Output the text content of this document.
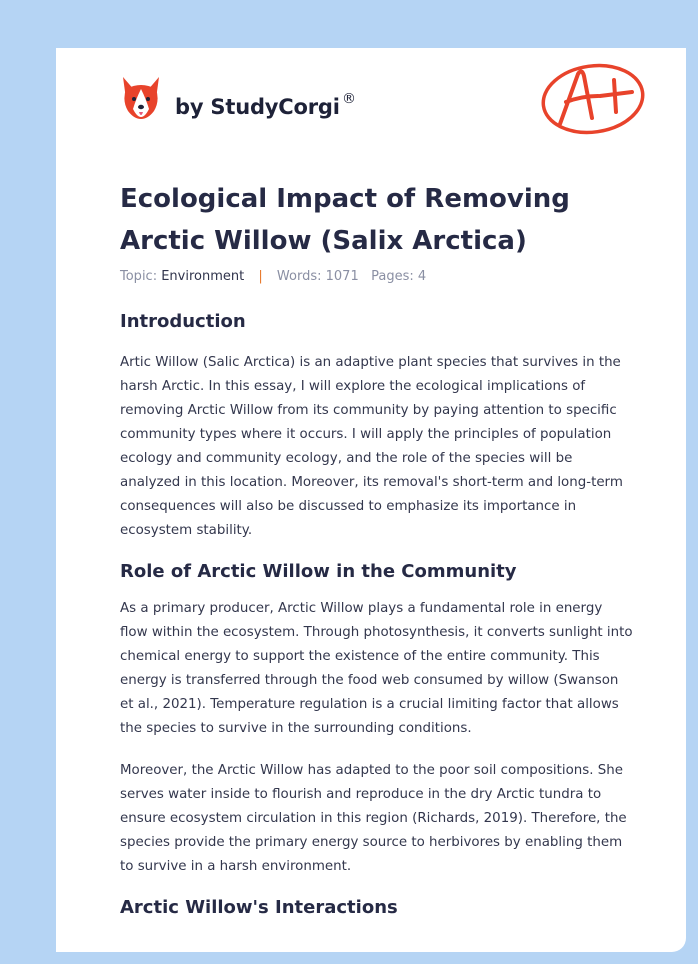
by StudyCorgi ®
Ecological Impact of Removing Arctic Willow (Salix Arctica)
Topic: Environment | Words: 1071 Pages: 4
Introduction

Artic Willow (Salic Arctica) is an adaptive plant species that survives in the harsh Arctic. In this essay, I will explore the ecological implications of removing Arctic Willow from its community by paying attention to specific community types where it occurs. I will apply the principles of population ecology and community ecology, and the role of the species will be analyzed in this location. Moreover, its removal's short-term and long-term consequences will also be discussed to emphasize its importance in ecosystem stability.

Role of Arctic Willow in the Community

As a primary producer, Arctic Willow plays a fundamental role in energy flow within the ecosystem. Through photosynthesis, it converts sunlight into chemical energy to support the existence of the entire community. This energy is transferred through the food web consumed by willow (Swanson et al., 2021). Temperature regulation is a crucial limiting factor that allows the species to survive in the surrounding conditions.

Moreover, the Arctic Willow has adapted to the poor soil compositions. She serves water inside to flourish and reproduce in the dry Arctic tundra to ensure ecosystem circulation in this region (Richards, 2019). Therefore, the species provide the primary energy source to herbivores by enabling them to survive in a harsh environment.

Arctic Willow's Interactions
